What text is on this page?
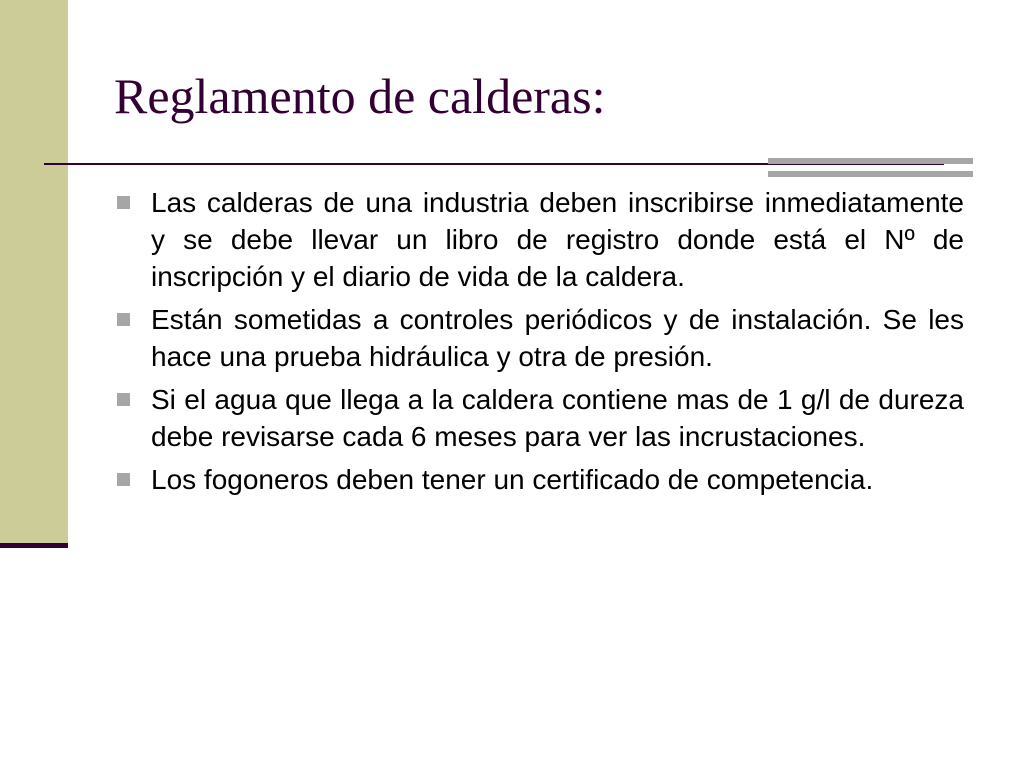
Reglamento de calderas:
Las calderas de una industria deben inscribirse inmediatamente y se debe llevar un libro de registro donde está el Nº de inscripción y el diario de vida de la caldera.
Están sometidas a controles periódicos y de instalación. Se les hace una prueba hidráulica y otra de presión.
Si el agua que llega a la caldera contiene mas de 1 g/l de dureza debe revisarse cada 6 meses para ver las incrustaciones.
Los fogoneros deben tener un certificado de competencia.
